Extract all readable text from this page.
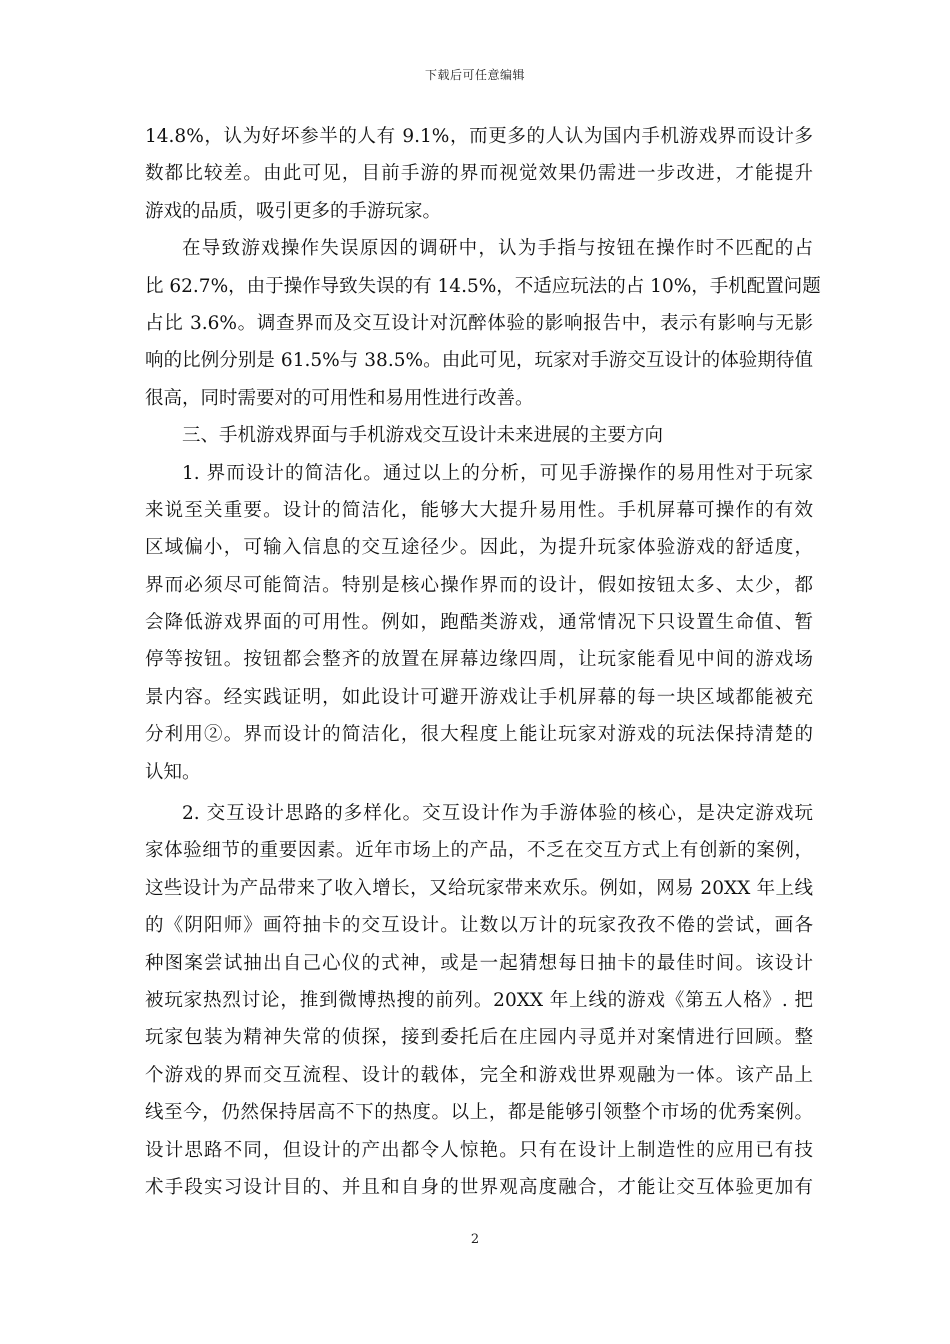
下载后可任意编辑
14.8%，认为好坏参半的人有 9.1%，而更多的人认为国内手机游戏界而设计多
数都比较差。由此可见，目前手游的界而视觉效果仍需进一步改进，才能提升
游戏的品质，吸引更多的手游玩家。
在导致游戏操作失误原因的调研中，认为手指与按钮在操作时不匹配的占
比 62.7%，由于操作导致失误的有 14.5%，不适应玩法的占 10%，手机配置问题
占比 3.6%。调查界而及交互设计对沉醉体验的影响报告中，表示有影响与无影
响的比例分别是 61.5%与 38.5%。由此可见，玩家对手游交互设计的体验期待值
很高，同时需要对的可用性和易用性进行改善。
三、手机游戏界面与手机游戏交互设计未来进展的主要方向
1. 界而设计的简洁化。通过以上的分析，可见手游操作的易用性对于玩家
来说至关重要。设计的简洁化，能够大大提升易用性。手机屏幕可操作的有效
区域偏小，可输入信息的交互途径少。因此，为提升玩家体验游戏的舒适度，
界而必须尽可能简洁。特别是核心操作界而的设计，假如按钮太多、太少，都
会降低游戏界面的可用性。例如，跑酷类游戏，通常情况下只设置生命值、暂
停等按钮。按钮都会整齐的放置在屏幕边缘四周，让玩家能看见中间的游戏场
景内容。经实践证明，如此设计可避开游戏让手机屏幕的每一块区域都能被充
分利用②。界而设计的简洁化，很大程度上能让玩家对游戏的玩法保持清楚的
认知。
2. 交互设计思路的多样化。交互设计作为手游体验的核心，是决定游戏玩
家体验细节的重要因素。近年市场上的产品，不乏在交互方式上有创新的案例，
这些设计为产品带来了收入增长，又给玩家带来欢乐。例如，网易 20XX 年上线
的《阴阳师》画符抽卡的交互设计。让数以万计的玩家孜孜不倦的尝试，画各
种图案尝试抽出自己心仪的式神，或是一起猜想每日抽卡的最佳时间。该设计
被玩家热烈讨论，推到微博热搜的前列。20XX 年上线的游戏《第五人格》. 把
玩家包装为精神失常的侦探，接到委托后在庄园内寻觅并对案情进行回顾。整
个游戏的界而交互流程、设计的载体，完全和游戏世界观融为一体。该产品上
线至今，仍然保持居高不下的热度。以上，都是能够引领整个市场的优秀案例。
设计思路不同，但设计的产出都令人惊艳。只有在设计上制造性的应用已有技
术手段实习设计目的、并且和自身的世界观高度融合，才能让交互体验更加有
2
